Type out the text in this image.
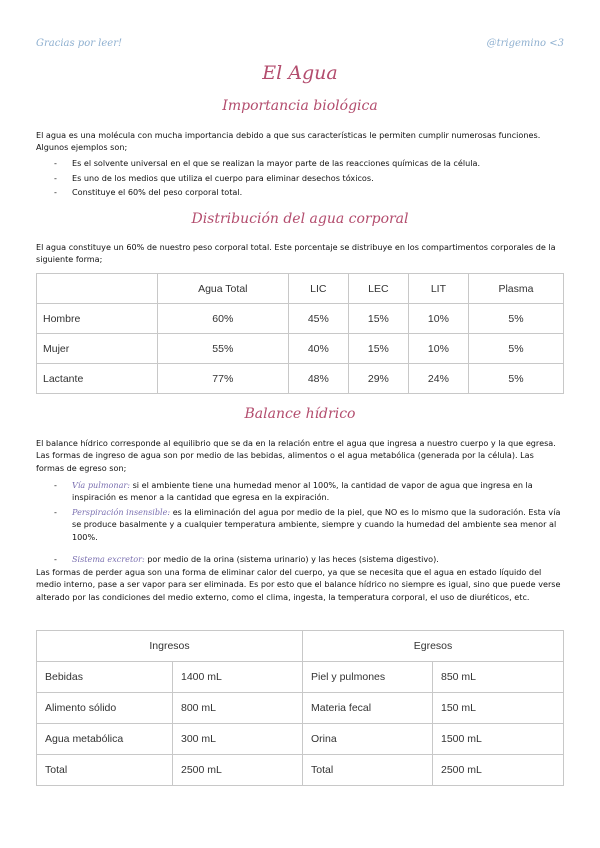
Gracias por leer!	@trigemino <3
El Agua
Importancia biológica
El agua es una molécula con mucha importancia debido a que sus características le permiten cumplir numerosas funciones. Algunos ejemplos son;
- Es el solvente universal en el que se realizan la mayor parte de las reacciones químicas de la célula.
- Es uno de los medios que utiliza el cuerpo para eliminar desechos tóxicos.
- Constituye el 60% del peso corporal total.
Distribución del agua corporal
El agua constituye un 60% de nuestro peso corporal total. Este porcentaje se distribuye en los compartimentos corporales de la siguiente forma;
	Agua Total	LIC	LEC	LIT	Plasma
Hombre	60%	45%	15%	10%	5%
Mujer	55%	40%	15%	10%	5%
Lactante	77%	48%	29%	24%	5%
Balance hídrico
El balance hídrico corresponde al equilibrio que se da en la relación entre el agua que ingresa a nuestro cuerpo y la que egresa. Las formas de ingreso de agua son por medio de las bebidas, alimentos o el agua metabólica (generada por la célula). Las formas de egreso son;
- Vía pulmonar: si el ambiente tiene una humedad menor al 100%, la cantidad de vapor de agua que ingresa en la inspiración es menor a la cantidad que egresa en la expiración.
- Perspiración insensible: es la eliminación del agua por medio de la piel, que NO es lo mismo que la sudoración. Esta vía se produce basalmente y a cualquier temperatura ambiente, siempre y cuando la humedad del ambiente sea menor al 100%.
- Sistema excretor: por medio de la orina (sistema urinario) y las heces (sistema digestivo).
Las formas de perder agua son una forma de eliminar calor del cuerpo, ya que se necesita que el agua en estado líquido del medio interno, pase a ser vapor para ser eliminada. Es por esto que el balance hídrico no siempre es igual, sino que puede verse alterado por las condiciones del medio externo, como el clima, ingesta, la temperatura corporal, el uso de diuréticos, etc.
Ingresos		Egresos	
Bebidas	1400 mL	Piel y pulmones	850 mL
Alimento sólido	800 mL	Materia fecal	150 mL
Agua metabólica	300 mL	Orina	1500 mL
Total	2500 mL	Total	2500 mL
